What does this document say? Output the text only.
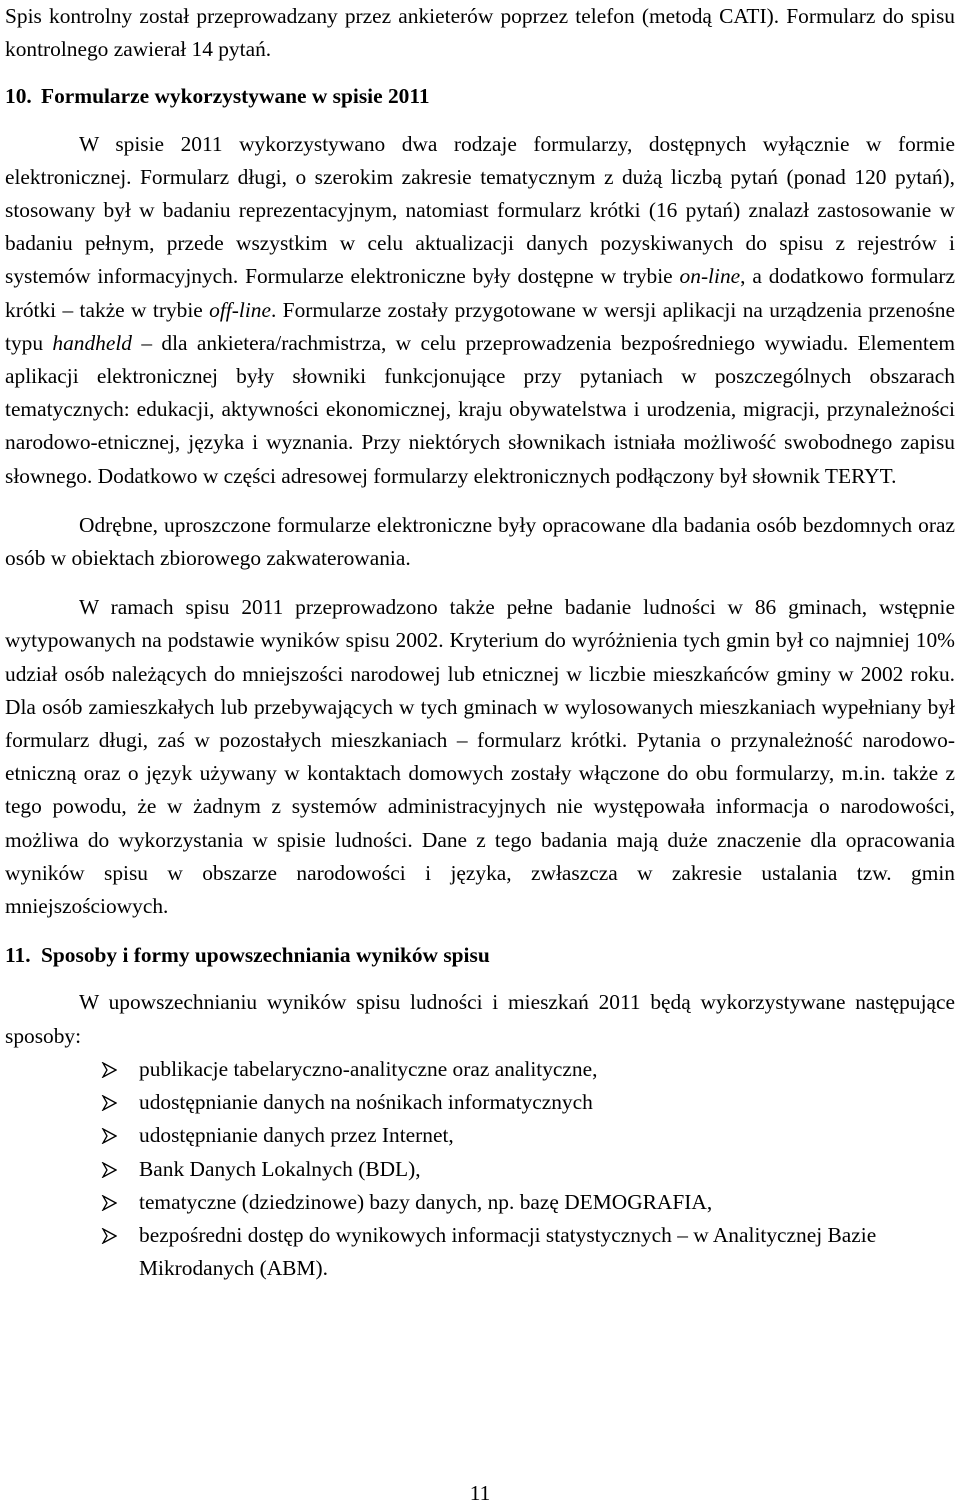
Spis kontrolny został przeprowadzany przez ankieterów poprzez telefon (metodą CATI). Formularz do spisu kontrolnego zawierał 14 pytań.

10. Formularze wykorzystywane w spisie 2011

W spisie 2011 wykorzystywano dwa rodzaje formularzy, dostępnych wyłącznie w formie elektronicznej. Formularz długi, o szerokim zakresie tematycznym z dużą liczbą pytań (ponad 120 pytań), stosowany był w badaniu reprezentacyjnym, natomiast formularz krótki (16 pytań) znalazł zastosowanie w badaniu pełnym, przede wszystkim w celu aktualizacji danych pozyskiwanych do spisu z rejestrów i systemów informacyjnych. Formularze elektroniczne były dostępne w trybie on-line, a dodatkowo formularz krótki – także w trybie off-line. Formularze zostały przygotowane w wersji aplikacji na urządzenia przenośne typu handheld – dla ankietera/rachmistrza, w celu przeprowadzenia bezpośredniego wywiadu. Elementem aplikacji elektronicznej były słowniki funkcjonujące przy pytaniach w poszczególnych obszarach tematycznych: edukacji, aktywności ekonomicznej, kraju obywatelstwa i urodzenia, migracji, przynależności narodowo-etnicznej, języka i wyznania. Przy niektórych słownikach istniała możliwość swobodnego zapisu słownego. Dodatkowo w części adresowej formularzy elektronicznych podłączony był słownik TERYT.

Odrębne, uproszczone formularze elektroniczne były opracowane dla badania osób bezdomnych oraz osób w obiektach zbiorowego zakwaterowania.

W ramach spisu 2011 przeprowadzono także pełne badanie ludności w 86 gminach, wstępnie wytypowanych na podstawie wyników spisu 2002. Kryterium do wyróżnienia tych gmin był co najmniej 10% udział osób należących do mniejszości narodowej lub etnicznej w liczbie mieszkańców gminy w 2002 roku. Dla osób zamieszkałych lub przebywających w tych gminach w wylosowanych mieszkaniach wypełniany był formularz długi, zaś w pozostałych mieszkaniach – formularz krótki. Pytania o przynależność narodowo-etniczną oraz o język używany w kontaktach domowych zostały włączone do obu formularzy, m.in. także z tego powodu, że w żadnym z systemów administracyjnych nie występowała informacja o narodowości, możliwa do wykorzystania w spisie ludności. Dane z tego badania mają duże znaczenie dla opracowania wyników spisu w obszarze narodowości i języka, zwłaszcza w zakresie ustalania tzw. gmin mniejszościowych.

11. Sposoby i formy upowszechniania wyników spisu

W upowszechnianiu wyników spisu ludności i mieszkań 2011 będą wykorzystywane następujące sposoby:

publikacje tabelaryczno-analityczne oraz analityczne,
udostępnianie danych na nośnikach informatycznych
udostępnianie danych przez Internet,
Bank Danych Lokalnych (BDL),
tematyczne (dziedzinowe) bazy danych, np. bazę DEMOGRAFIA,
bezpośredni dostęp do wynikowych informacji statystycznych – w Analitycznej Bazie Mikrodanych (ABM).
11
